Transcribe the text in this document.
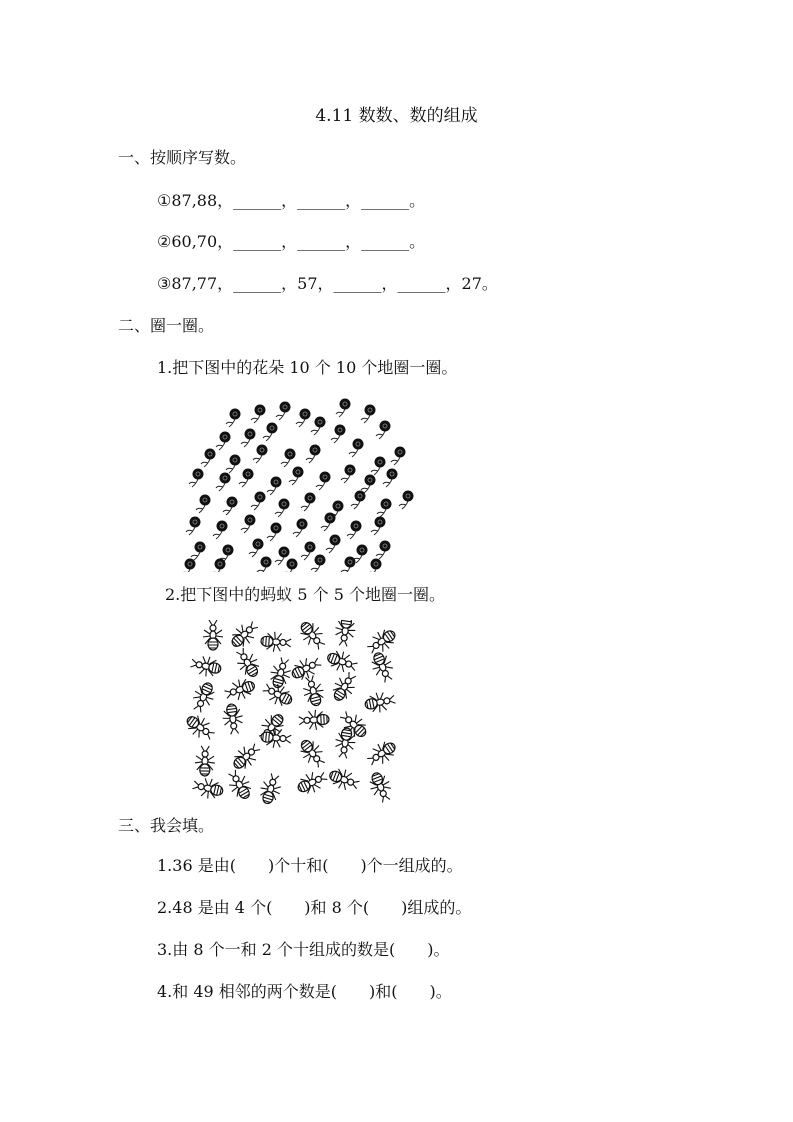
4.11 数数、数的组成
一、按顺序写数。
①87,88，______，______，______。
②60,70，______，______，______。
③87,77，______，57，______，______，27。
二、圈一圈。
1.把下图中的花朵 10 个 10 个地圈一圈。
2.把下图中的蚂蚁 5 个 5 个地圈一圈。
三、我会填。
1.36 是由(　　)个十和(　　)个一组成的。
2.48 是由 4 个(　　)和 8 个(　　)组成的。
3.由 8 个一和 2 个十组成的数是(　　)。
4.和 49 相邻的两个数是(　　)和(　　)。
